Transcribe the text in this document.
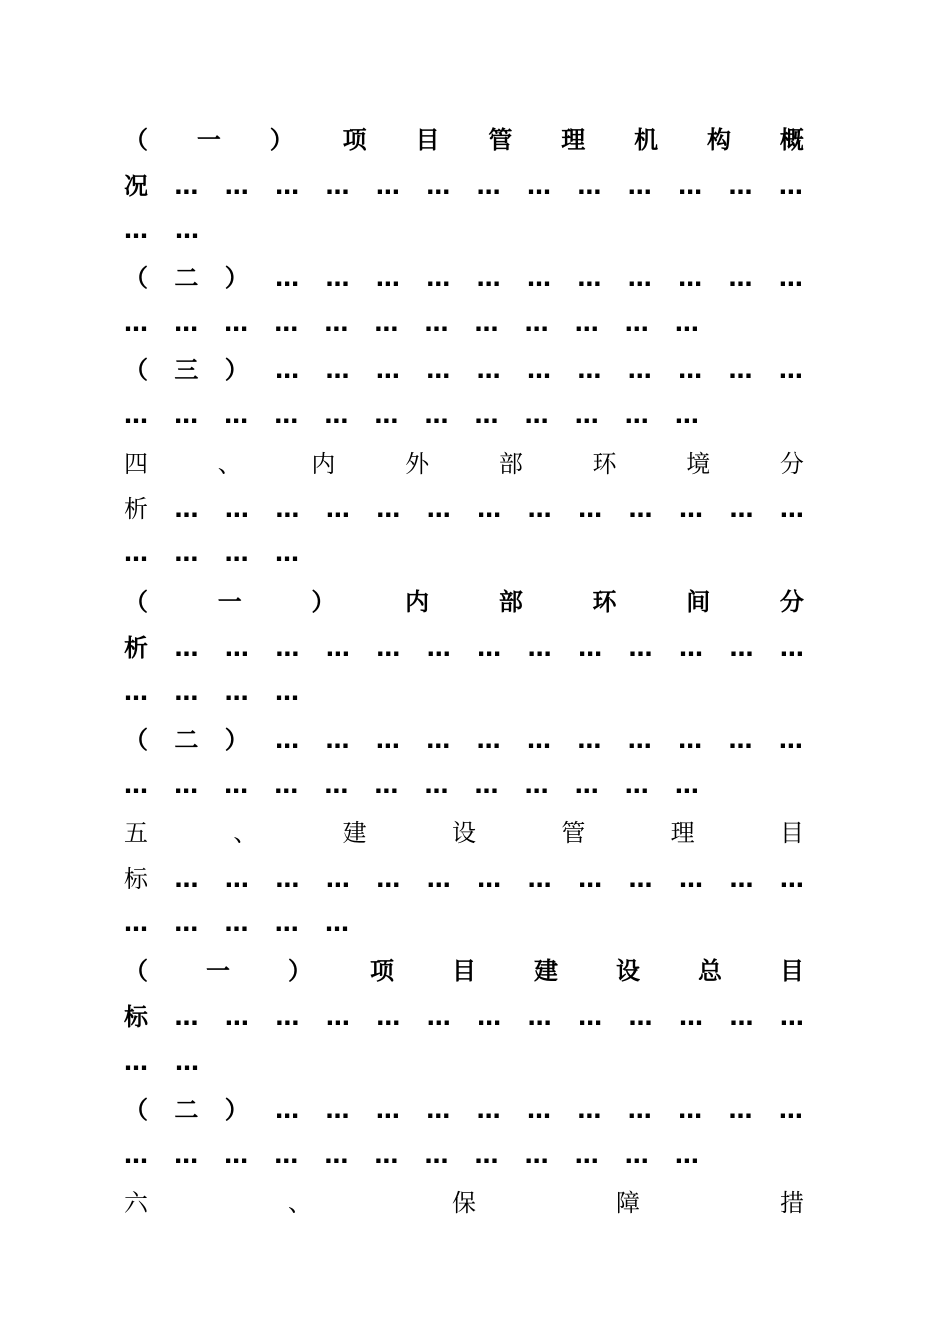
（ 一 ） 项 目 管 理 机 构 概
况 … … … … … … … … … … … … …
… …
（ 二 ） … … … … … … … … … … …
… … … … … … … … … … … …
（ 三 ） … … … … … … … … … … …
… … … … … … … … … … … …
四	、	内	外	部	环	境	分
析 … … … … … … … … … … … … …
… … … …
（	一	）	内	部	环	间	分
析 … … … … … … … … … … … … …
… … … …
（ 二 ） … … … … … … … … … … …
… … … … … … … … … … … …
五	、	建	设	管	理	目
标 … … … … … … … … … … … … …
… … … … …
（ 一 ） 项 目 建 设 总 目
标 … … … … … … … … … … … … …
… …
（ 二 ） … … … … … … … … … … …
… … … … … … … … … … … …
六	、	保	障	措
